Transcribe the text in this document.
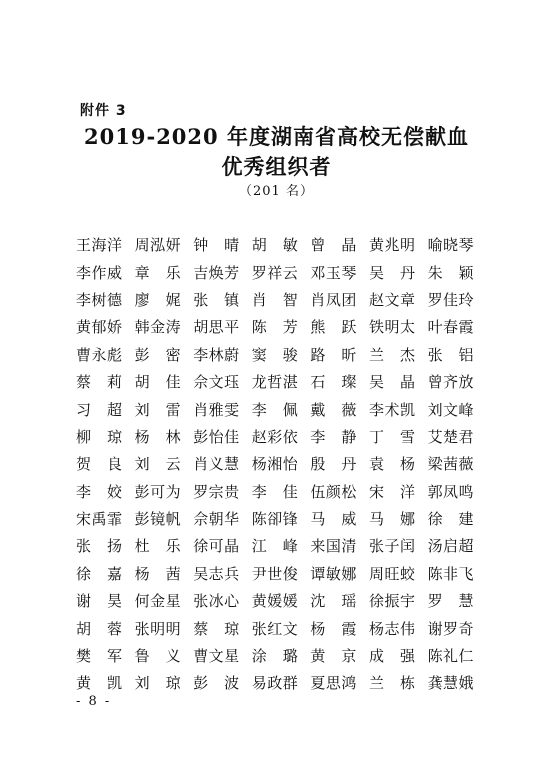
附件 3
2019-2020 年度湖南省高校无偿献血
优秀组织者
（201 名）
王 海 洋 周 泓 妍 钟 晴 胡 敏 曾 晶 黄 兆 明 喻 晓 琴
李 作 威 章 乐 吉 焕 芳 罗 祥 云 邓 玉 琴 吴 丹 朱 颖
李 树 德 廖 娓 张 镇 肖 智 肖 凤 团 赵 文 章 罗 佳 玲
黄 郁 娇 韩 金 涛 胡 思 平 陈 芳 熊 跃 铁 明 太 叶 春 霞
曹 永 彪 彭 密 李 林 蔚 窦 骏 路 昕 兰 杰 张 铝
蔡 莉 胡 佳 佘 文 珏 龙 哲 湛 石 璨 吴 晶 曾 齐 放
习 超 刘 雷 肖 雅 雯 李 佩 戴 薇 李 术 凯 刘 文 峰
柳 琼 杨 林 彭 怡 佳 赵 彩 依 李 静 丁 雪 艾 楚 君
贺 良 刘 云 肖 义 慧 杨 湘 怡 殷 丹 袁 杨 梁 茜 薇
李 姣 彭 可 为 罗 宗 贵 李 佳 伍 颜 松 宋 洋 郭 凤 鸣
宋 禹 霏 彭 镜 帆 佘 朝 华 陈 卻 锋 马 威 马 娜 徐 建
张 扬 杜 乐 徐 可 晶 江 峰 来 国 清 张 子 闰 汤 启 超
徐 嘉 杨 茜 吴 志 兵 尹 世 俊 谭 敏 娜 周 旺 蛟 陈 非 飞
谢 昊 何 金 星 张 冰 心 黄 媛 媛 沈 瑶 徐 振 宇 罗 慧
胡 蓉 张 明 明 蔡 琼 张 红 文 杨 霞 杨 志 伟 谢 罗 奇
樊 军 鲁 义 曹 文 星 涂 璐 黄 京 成 强 陈 礼 仁
黄 凯 刘 琼 彭 波 易 政 群 夏 思 鸿 兰 栋 龚 慧 娥
- 8 -
